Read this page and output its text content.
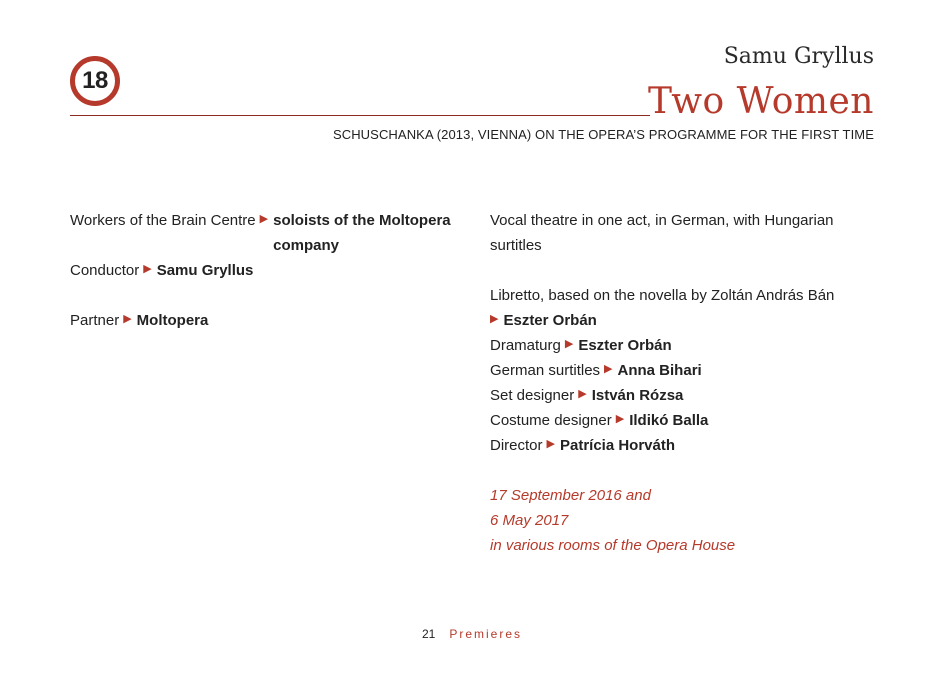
18
Samu Gryllus
Two Women
SCHUSCHANKA (2013, VIENNA) ON THE OPERA’S PROGRAMME FOR THE FIRST TIME
Workers of the Brain Centre ▶ soloists of the Moltopera company
Conductor ▶ Samu Gryllus
Partner ▶ Moltopera
Vocal theatre in one act, in German, with Hungarian surtitles
Libretto, based on the novella by Zoltán András Bán
▶ Eszter Orbán
Dramaturg ▶ Eszter Orbán
German surtitles ▶ Anna Bihari
Set designer ▶ István Rózsa
Costume designer ▶ Ildikó Balla
Director ▶ Patrícia Horváth
17 September 2016 and
6 May 2017
in various rooms of the Opera House
21 Premieres
